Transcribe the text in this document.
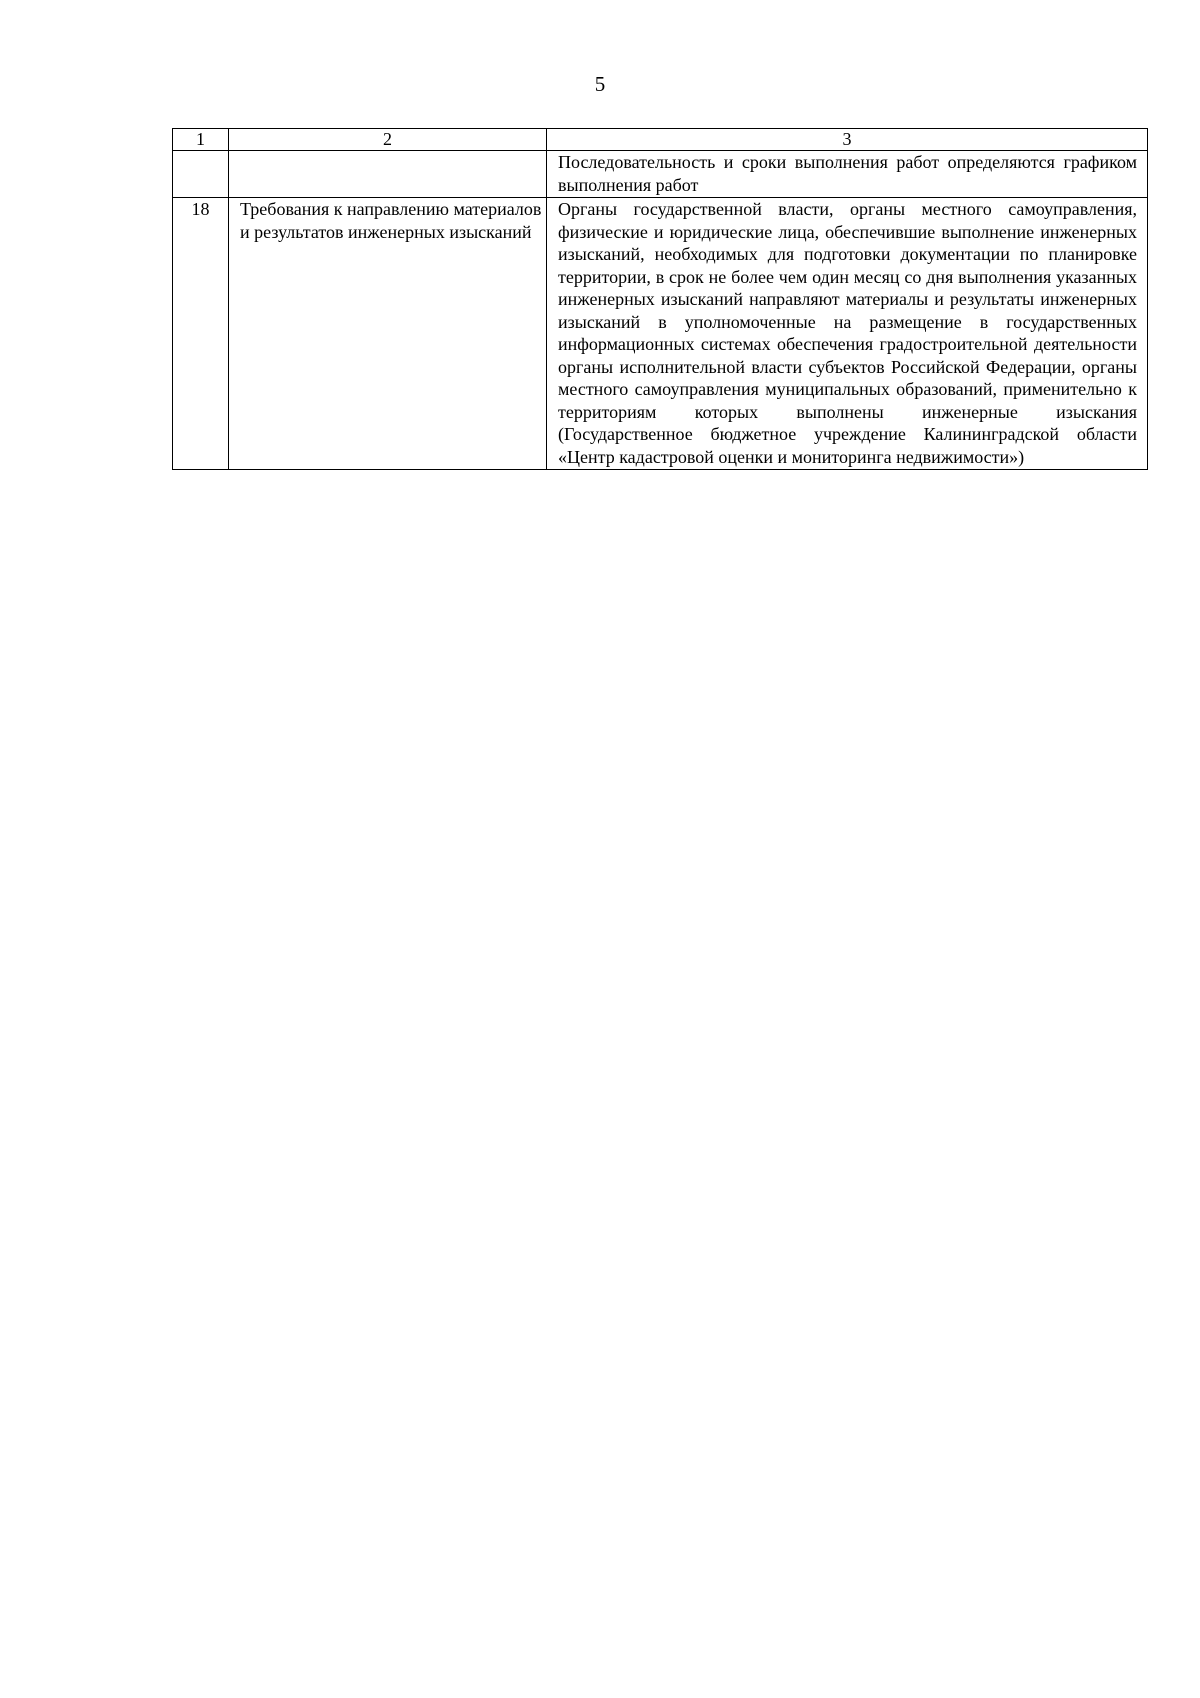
5
1	2	3
		Последовательность и сроки выполнения работ определяются графиком выполнения работ
18	Требования к направлению материалов и результатов инженерных изысканий	Органы государственной власти, органы местного самоуправления, физические и юридические лица, обеспечившие выполнение инженерных изысканий, необходимых для подготовки документации по планировке территории, в срок не более чем один месяц со дня выполнения указанных инженерных изысканий направляют материалы и результаты инженерных изысканий в уполномоченные на размещение в государственных информационных системах обеспечения градостроительной деятельности органы исполнительной власти субъектов Российской Федерации, органы местного самоуправления муниципальных образований, применительно к территориям которых выполнены инженерные изыскания (Государственное бюджетное учреждение Калининградской области «Центр кадастровой оценки и мониторинга недвижимости»)
